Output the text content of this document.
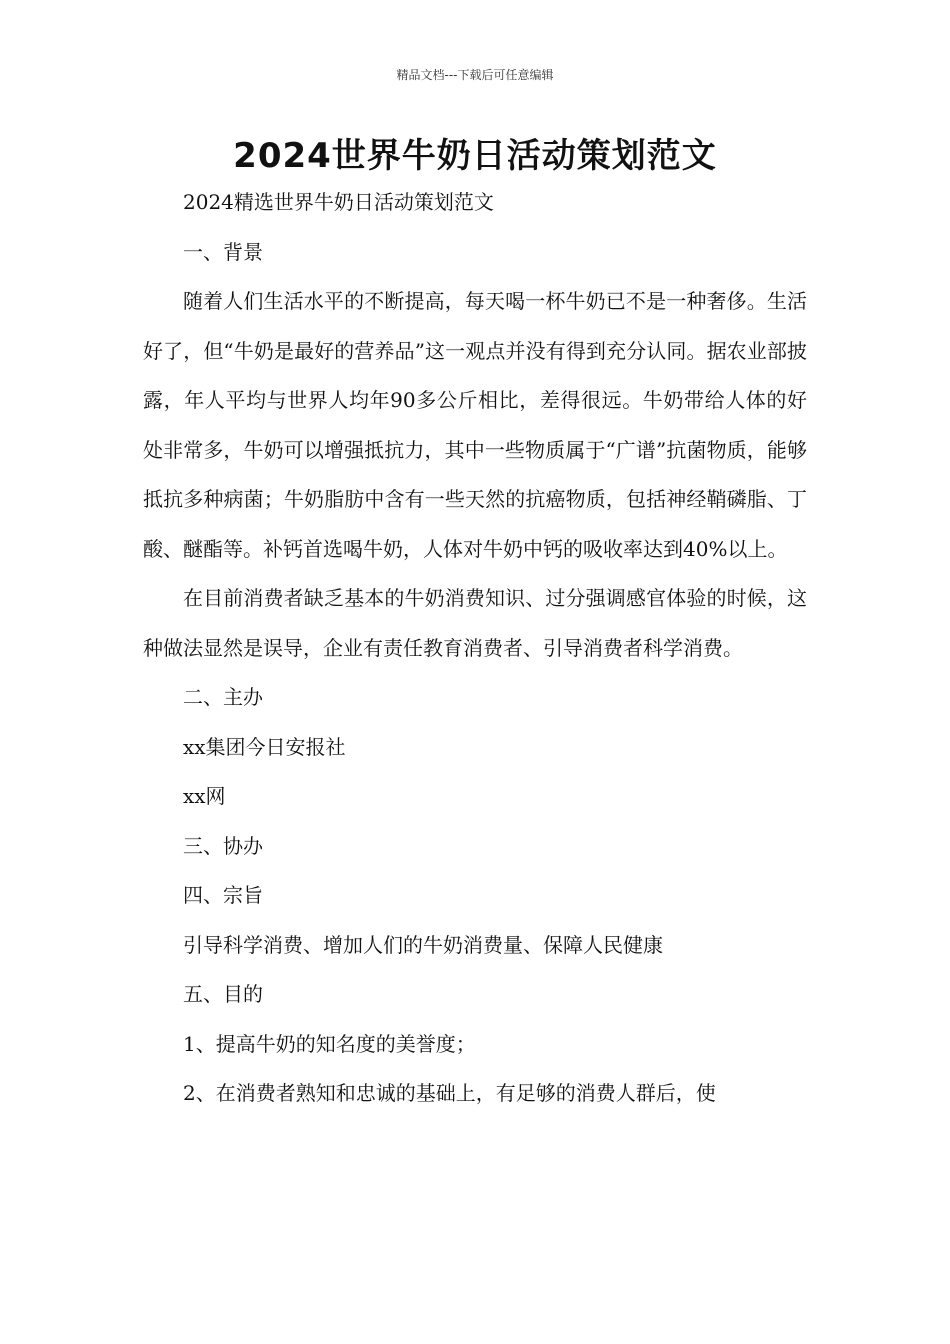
精品文档---下载后可任意编辑
2024世界牛奶日活动策划范文

2024精选世界牛奶日活动策划范文

一、背景

随着人们生活水平的不断提高，每天喝一杯牛奶已不是一种奢侈。生活好了，但“牛奶是最好的营养品”这一观点并没有得到充分认同。据农业部披露，年人平均与世界人均年90多公斤相比，差得很远。牛奶带给人体的好处非常多，牛奶可以增强抵抗力，其中一些物质属于“广谱”抗菌物质，能够抵抗多种病菌；牛奶脂肪中含有一些天然的抗癌物质，包括神经鞘磷脂、丁酸、醚酯等。补钙首选喝牛奶，人体对牛奶中钙的吸收率达到40%以上。

在目前消费者缺乏基本的牛奶消费知识、过分强调感官体验的时候，这种做法显然是误导，企业有责任教育消费者、引导消费者科学消费。

二、主办

xx集团今日安报社

xx网

三、协办

四、宗旨

引导科学消费、增加人们的牛奶消费量、保障人民健康

五、目的

1、提高牛奶的知名度的美誉度；

2、在消费者熟知和忠诚的基础上，有足够的消费人群后，使
